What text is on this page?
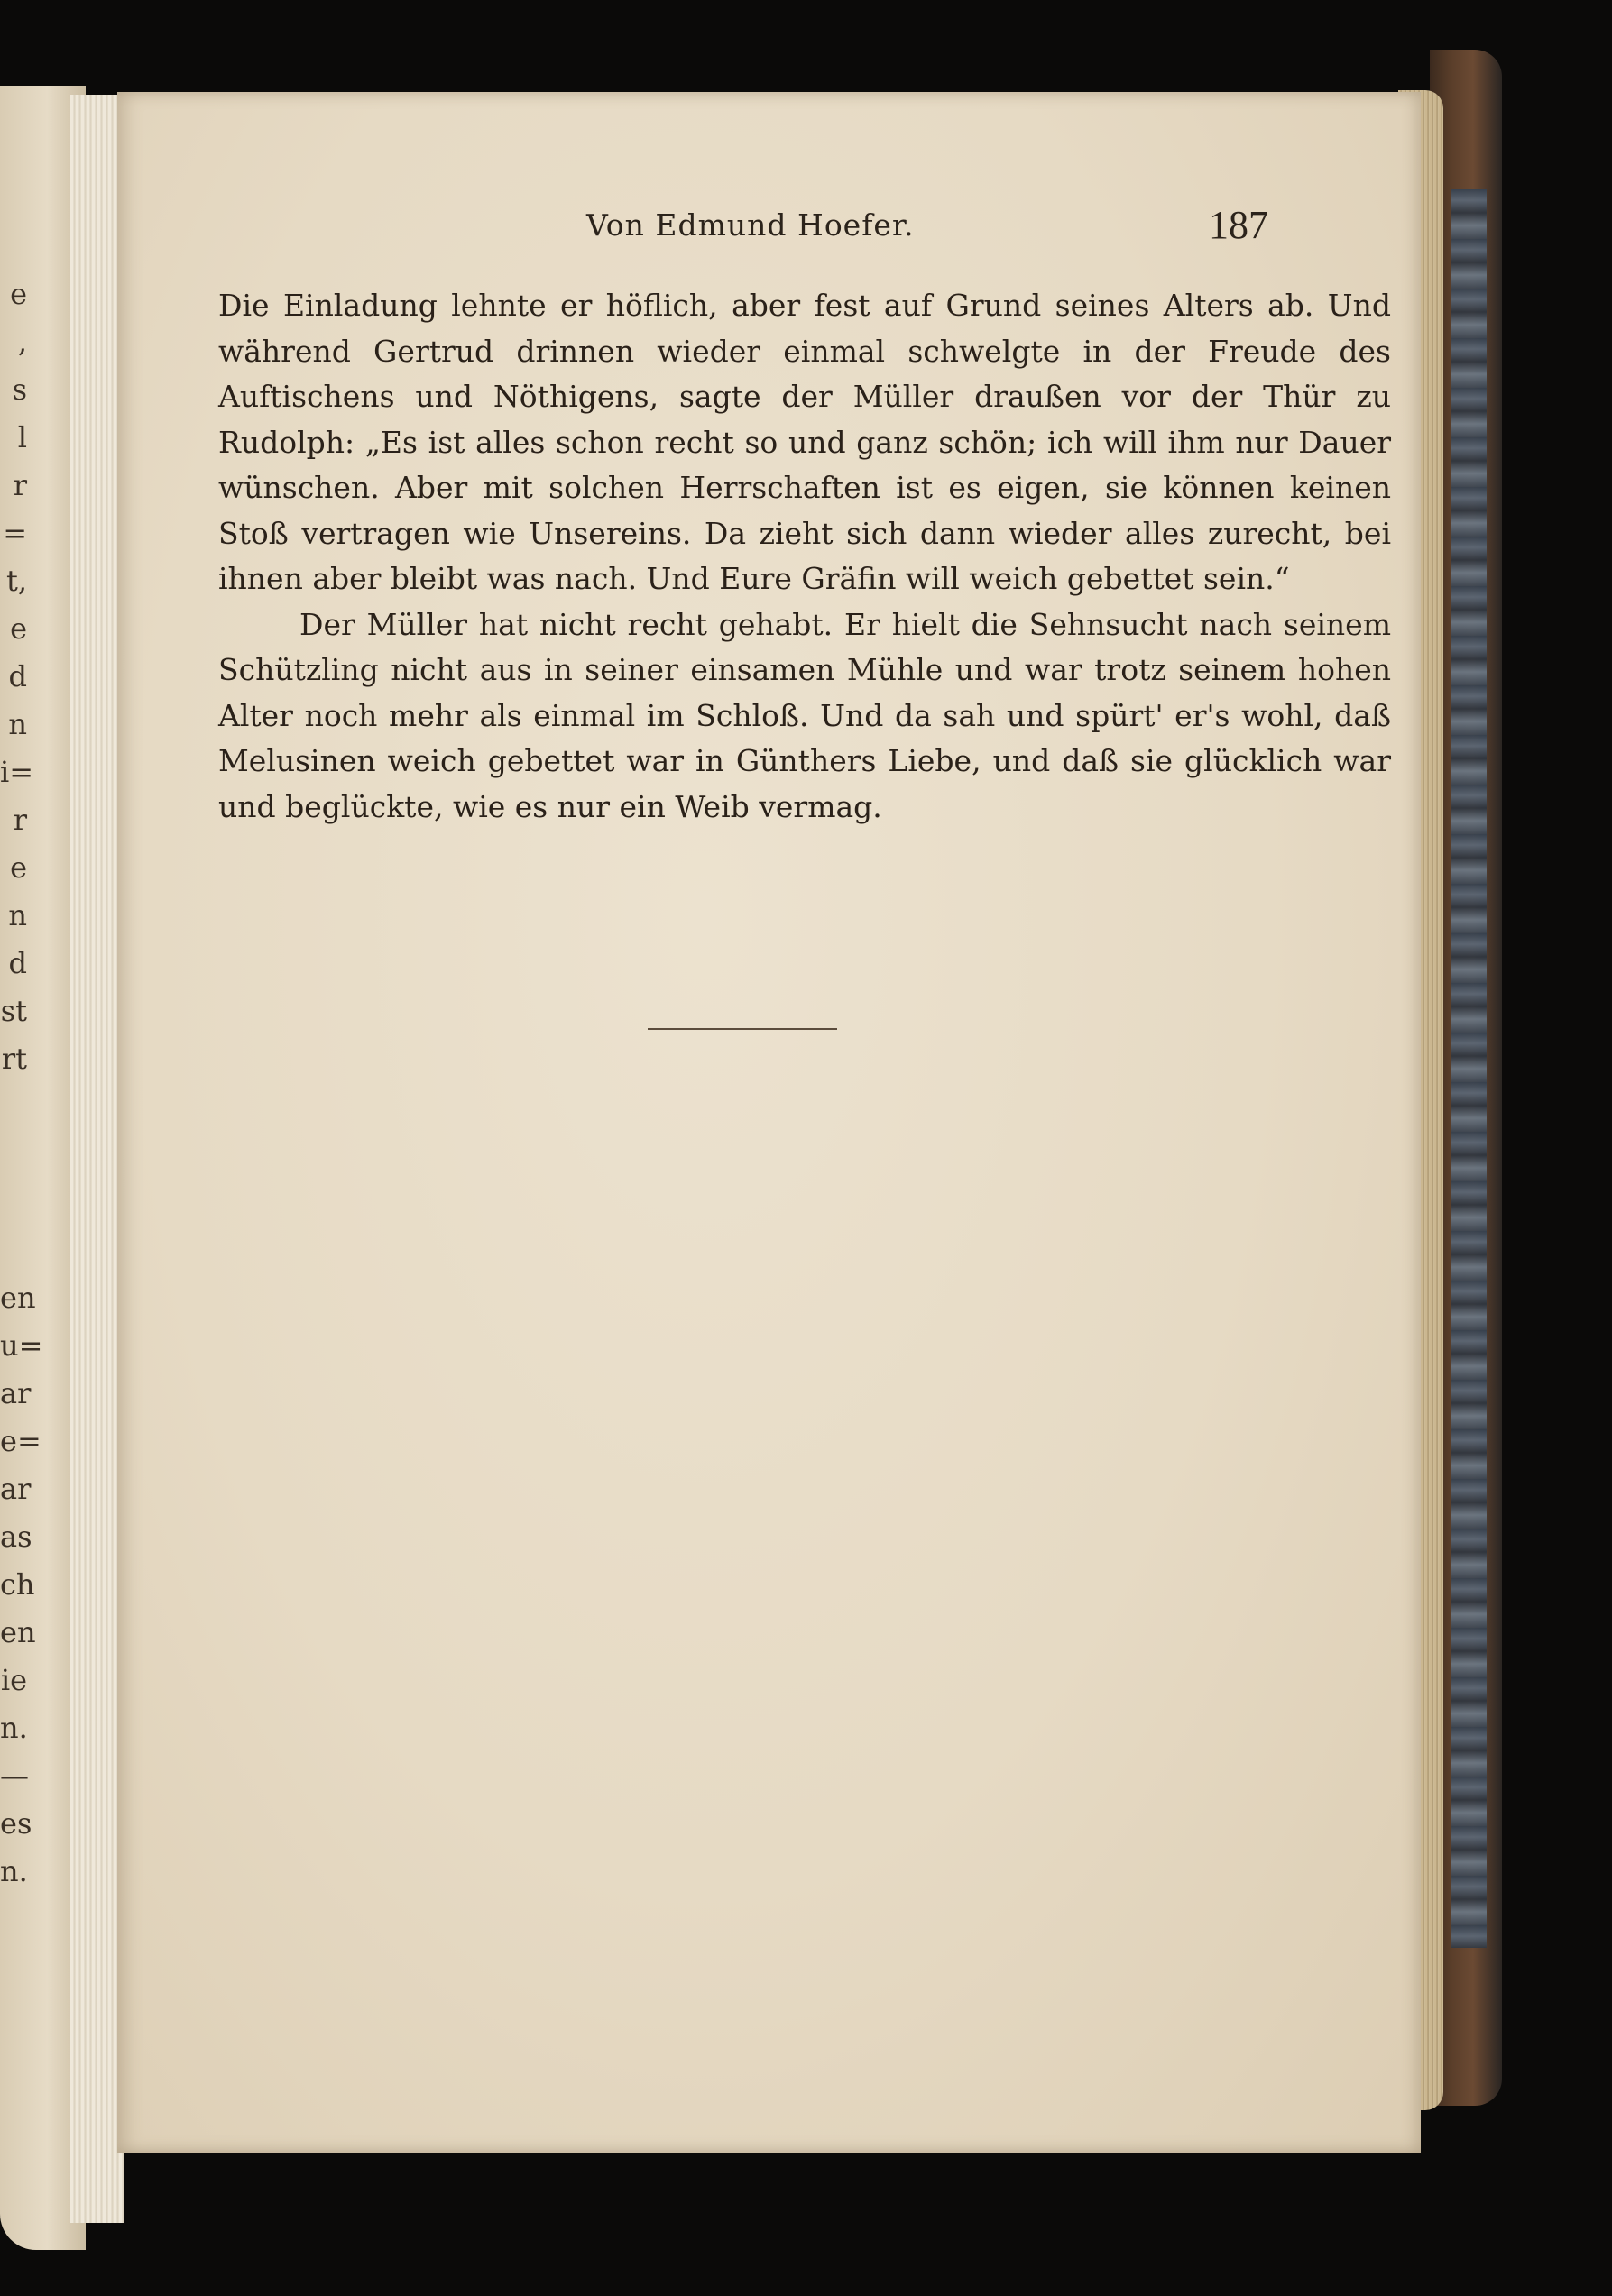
e
,
s
l
r
=
t,
e
d
n
i=
r
e
n
d
st
rt
en
u=
ar
e=
ar
as
ch
en
ie
n.
—
es
n.
Von Edmund Hoefer.	187

Die Einladung lehnte er höflich, aber fest auf Grund seines Alters ab. Und während Gertrud drinnen wieder einmal schwelgte in der Freude des Auftischens und Nöthigens, sagte der Müller draußen vor der Thür zu Rudolph: „Es ist alles schon recht so und ganz schön; ich will ihm nur Dauer wünschen. Aber mit solchen Herrschaften ist es eigen, sie können keinen Stoß vertragen wie Unsereins. Da zieht sich dann wieder alles zurecht, bei ihnen aber bleibt was nach. Und Eure Gräfin will weich gebettet sein.“

Der Müller hat nicht recht gehabt. Er hielt die Sehnsucht nach seinem Schützling nicht aus in seiner einsamen Mühle und war trotz seinem hohen Alter noch mehr als einmal im Schloß. Und da sah und spürt' er's wohl, daß Melusinen weich gebettet war in Günthers Liebe, und daß sie glücklich war und beglückte, wie es nur ein Weib vermag.
